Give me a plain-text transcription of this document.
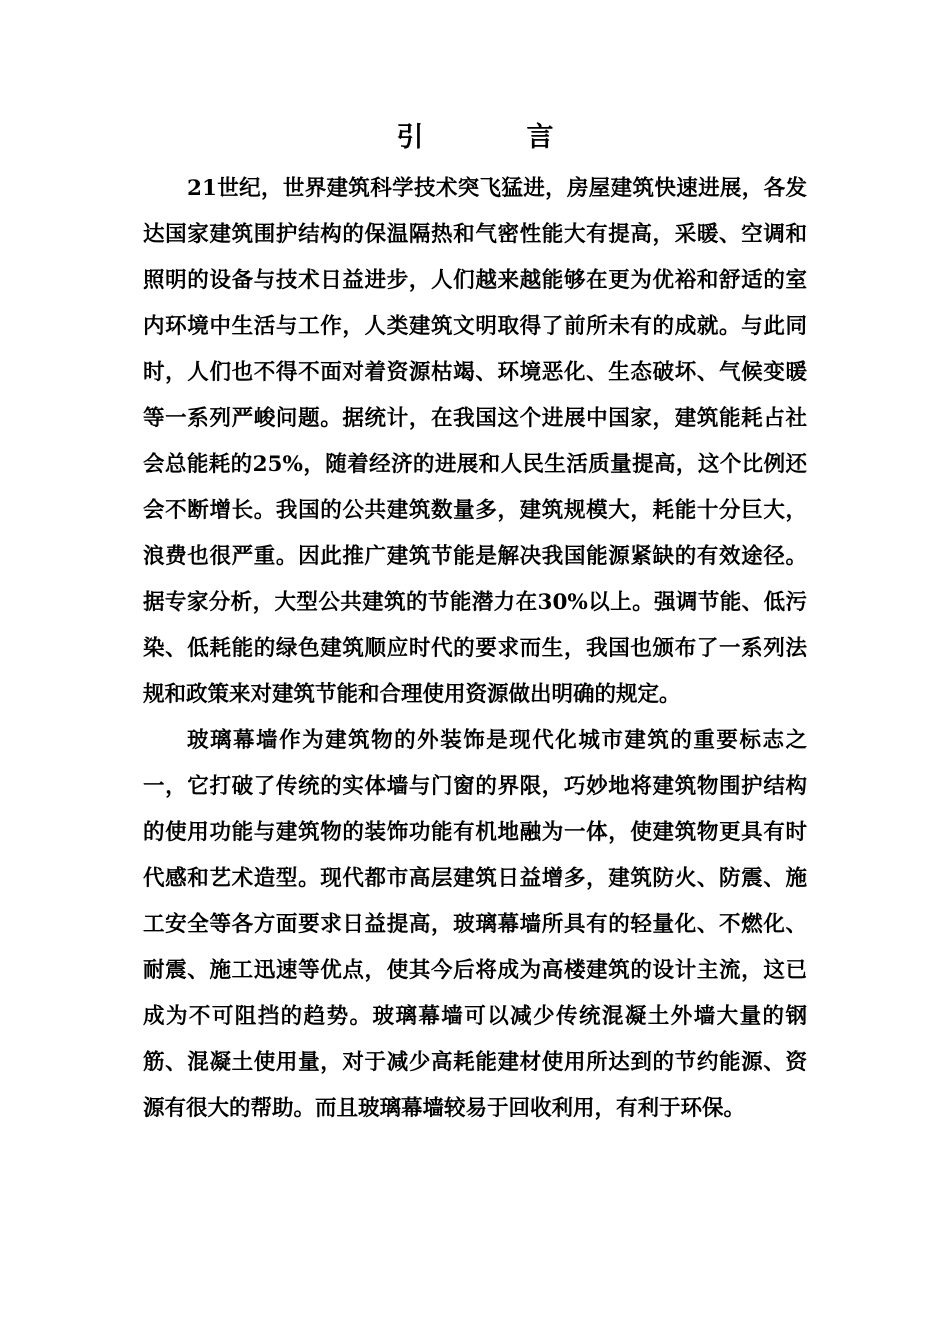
引　言

21世纪，世界建筑科学技术突飞猛进，房屋建筑快速进展，各发达国家建筑围护结构的保温隔热和气密性能大有提高，采暖、空调和照明的设备与技术日益进步，人们越来越能够在更为优裕和舒适的室内环境中生活与工作，人类建筑文明取得了前所未有的成就。与此同时，人们也不得不面对着资源枯竭、环境恶化、生态破坏、气候变暖等一系列严峻问题。据统计，在我国这个进展中国家，建筑能耗占社会总能耗的25%，随着经济的进展和人民生活质量提高，这个比例还会不断增长。我国的公共建筑数量多，建筑规模大，耗能十分巨大，浪费也很严重。因此推广建筑节能是解决我国能源紧缺的有效途径。据专家分析，大型公共建筑的节能潜力在30%以上。强调节能、低污染、低耗能的绿色建筑顺应时代的要求而生，我国也颁布了一系列法规和政策来对建筑节能和合理使用资源做出明确的规定。

玻璃幕墙作为建筑物的外装饰是现代化城市建筑的重要标志之一，它打破了传统的实体墙与门窗的界限，巧妙地将建筑物围护结构的使用功能与建筑物的装饰功能有机地融为一体，使建筑物更具有时代感和艺术造型。现代都市高层建筑日益增多，建筑防火、防震、施工安全等各方面要求日益提高，玻璃幕墙所具有的轻量化、不燃化、耐震、施工迅速等优点，使其今后将成为高楼建筑的设计主流，这已成为不可阻挡的趋势。玻璃幕墙可以减少传统混凝土外墙大量的钢筋、混凝土使用量，对于减少高耗能建材使用所达到的节约能源、资源有很大的帮助。而且玻璃幕墙较易于回收利用，有利于环保。
